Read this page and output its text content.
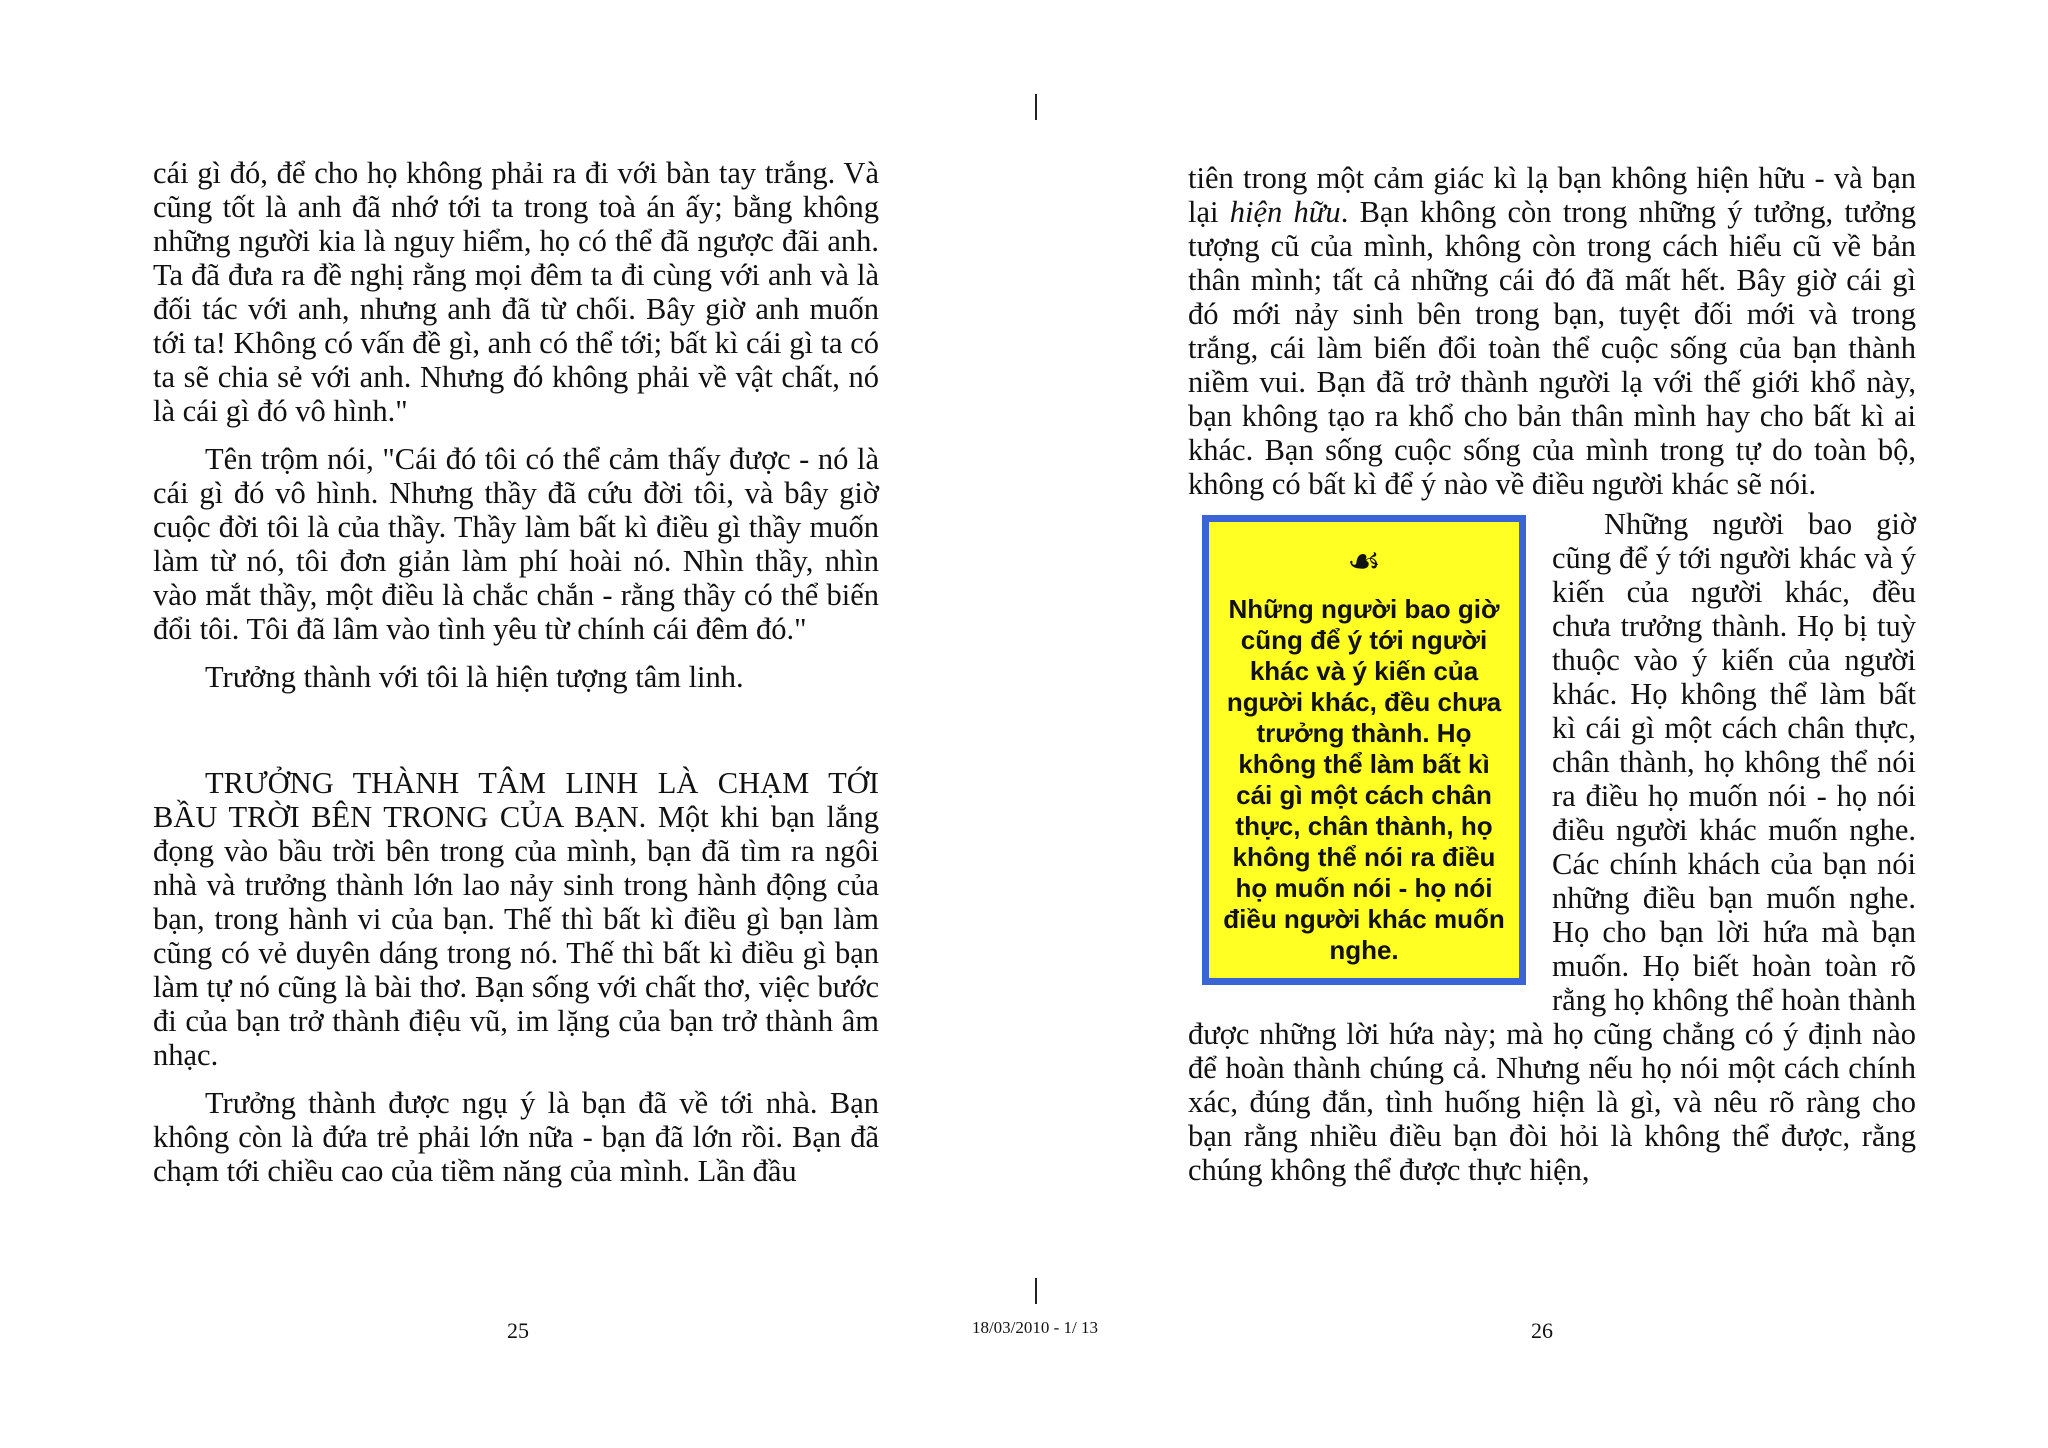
cái gì đó, để cho họ không phải ra đi với bàn tay trắng. Và cũng tốt là anh đã nhớ tới ta trong toà án ấy; bằng không những người kia là nguy hiểm, họ có thể đã ngược đãi anh. Ta đã đưa ra đề nghị rằng mọi đêm ta đi cùng với anh và là đối tác với anh, nhưng anh đã từ chối. Bây giờ anh muốn tới ta! Không có vấn đề gì, anh có thể tới; bất kì cái gì ta có ta sẽ chia sẻ với anh. Nhưng đó không phải về vật chất, nó là cái gì đó vô hình."

Tên trộm nói, "Cái đó tôi có thể cảm thấy được - nó là cái gì đó vô hình. Nhưng thầy đã cứu đời tôi, và bây giờ cuộc đời tôi là của thầy. Thầy làm bất kì điều gì thầy muốn làm từ nó, tôi đơn giản làm phí hoài nó. Nhìn thầy, nhìn vào mắt thầy, một điều là chắc chắn - rằng thầy có thể biến đổi tôi. Tôi đã lâm vào tình yêu từ chính cái đêm đó."

Trưởng thành với tôi là hiện tượng tâm linh.

TRƯỞNG THÀNH TÂM LINH LÀ CHẠM TỚI BẦU TRỜI BÊN TRONG CỦA BẠN. Một khi bạn lắng đọng vào bầu trời bên trong của mình, bạn đã tìm ra ngôi nhà và trưởng thành lớn lao nảy sinh trong hành động của bạn, trong hành vi của bạn. Thế thì bất kì điều gì bạn làm cũng có vẻ duyên dáng trong nó. Thế thì bất kì điều gì bạn làm tự nó cũng là bài thơ. Bạn sống với chất thơ, việc bước đi của bạn trở thành điệu vũ, im lặng của bạn trở thành âm nhạc.

Trưởng thành được ngụ ý là bạn đã về tới nhà. Bạn không còn là đứa trẻ phải lớn nữa - bạn đã lớn rồi. Bạn đã chạm tới chiều cao của tiềm năng của mình. Lần đầu

tiên trong một cảm giác kì lạ bạn không hiện hữu - và bạn lại hiện hữu. Bạn không còn trong những ý tưởng, tưởng tượng cũ của mình, không còn trong cách hiểu cũ về bản thân mình; tất cả những cái đó đã mất hết. Bây giờ cái gì đó mới nảy sinh bên trong bạn, tuyệt đối mới và trong trắng, cái làm biến đổi toàn thể cuộc sống của bạn thành niềm vui. Bạn đã trở thành người lạ với thế giới khổ này, bạn không tạo ra khổ cho bản thân mình hay cho bất kì ai khác. Bạn sống cuộc sống của mình trong tự do toàn bộ, không có bất kì để ý nào về điều người khác sẽ nói.

☙
Những người bao giờ cũng để ý tới người khác và ý kiến của người khác, đều chưa trưởng thành. Họ không thể làm bất kì cái gì một cách chân thực, chân thành, họ không thể nói ra điều họ muốn nói - họ nói điều người khác muốn nghe.

Những người bao giờ cũng để ý tới người khác và ý kiến của người khác, đều chưa trưởng thành. Họ bị tuỳ thuộc vào ý kiến của người khác. Họ không thể làm bất kì cái gì một cách chân thực, chân thành, họ không thể nói ra điều họ muốn nói - họ nói điều người khác muốn nghe. Các chính khách của bạn nói những điều bạn muốn nghe. Họ cho bạn lời hứa mà bạn muốn. Họ biết hoàn toàn rõ rằng họ không thể hoàn thành được những lời hứa này; mà họ cũng chẳng có ý định nào để hoàn thành chúng cả. Nhưng nếu họ nói một cách chính xác, đúng đắn, tình huống hiện là gì, và nêu rõ ràng cho bạn rằng nhiều điều bạn đòi hỏi là không thể được, rằng chúng không thể được thực hiện,

25	18/03/2010 - 1/ 13	26
